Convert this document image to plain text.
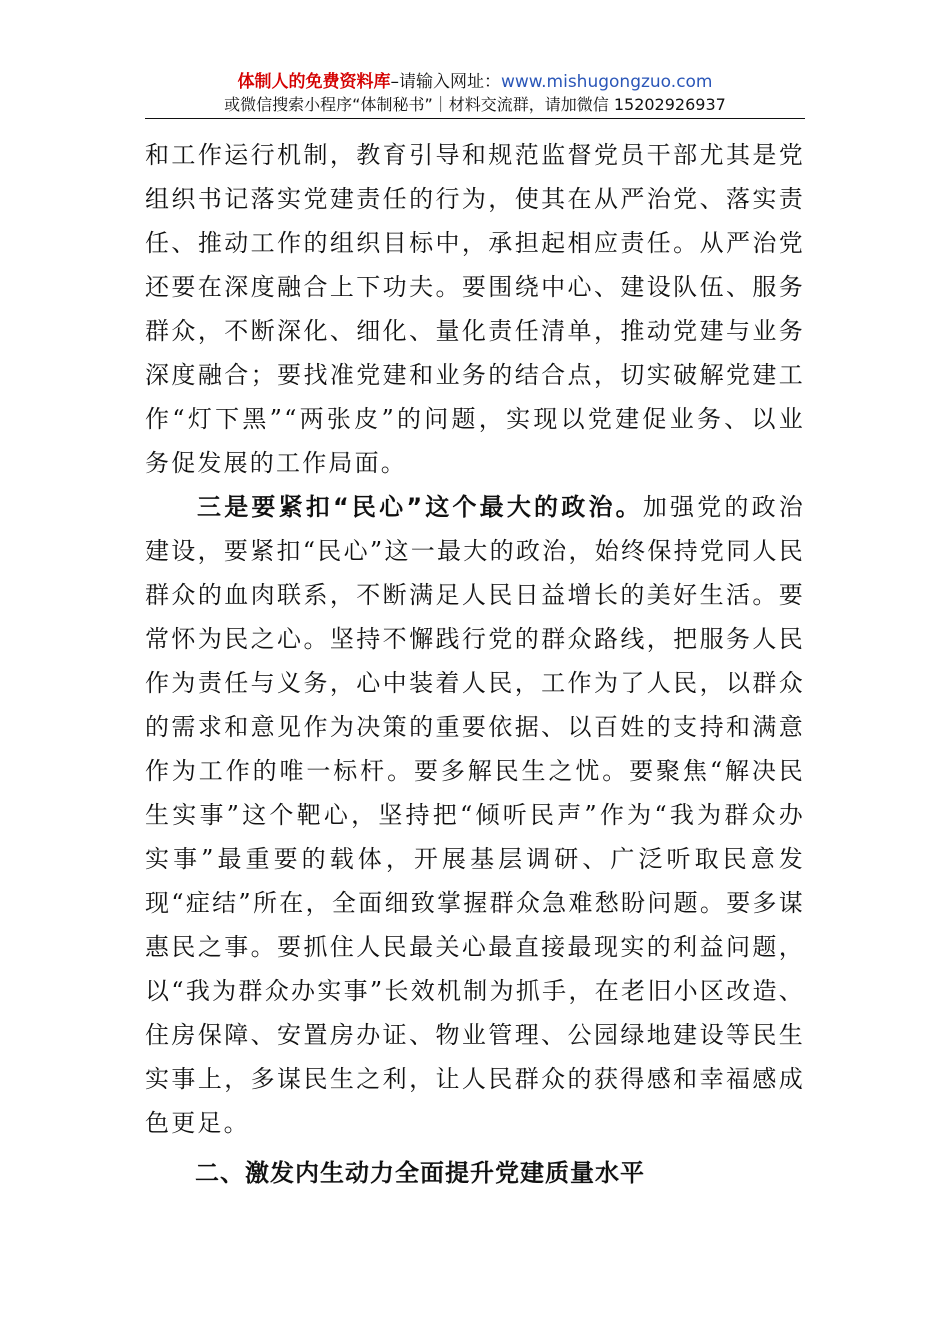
体制人的免费资料库–请输入网址：www.mishugongzuo.com
或微信搜索小程序“体制秘书”｜材料交流群，请加微信 15202926937

和工作运行机制，教育引导和规范监督党员干部尤其是党组织书记落实党建责任的行为，使其在从严治党、落实责任、推动工作的组织目标中，承担起相应责任。从严治党还要在深度融合上下功夫。要围绕中心、建设队伍、服务群众，不断深化、细化、量化责任清单，推动党建与业务深度融合；要找准党建和业务的结合点，切实破解党建工作“灯下黑”“两张皮”的问题，实现以党建促业务、以业务促发展的工作局面。

三是要紧扣“民心”这个最大的政治。加强党的政治建设，要紧扣“民心”这一最大的政治，始终保持党同人民群众的血肉联系，不断满足人民日益增长的美好生活。要常怀为民之心。坚持不懈践行党的群众路线，把服务人民作为责任与义务，心中装着人民，工作为了人民，以群众的需求和意见作为决策的重要依据、以百姓的支持和满意作为工作的唯一标杆。要多解民生之忧。要聚焦“解决民生实事”这个靶心，坚持把“倾听民声”作为“我为群众办实事”最重要的载体，开展基层调研、广泛听取民意发现“症结”所在，全面细致掌握群众急难愁盼问题。要多谋惠民之事。要抓住人民最关心最直接最现实的利益问题，以“我为群众办实事”长效机制为抓手，在老旧小区改造、住房保障、安置房办证、物业管理、公园绿地建设等民生实事上，多谋民生之利，让人民群众的获得感和幸福感成色更足。

二、激发内生动力全面提升党建质量水平
